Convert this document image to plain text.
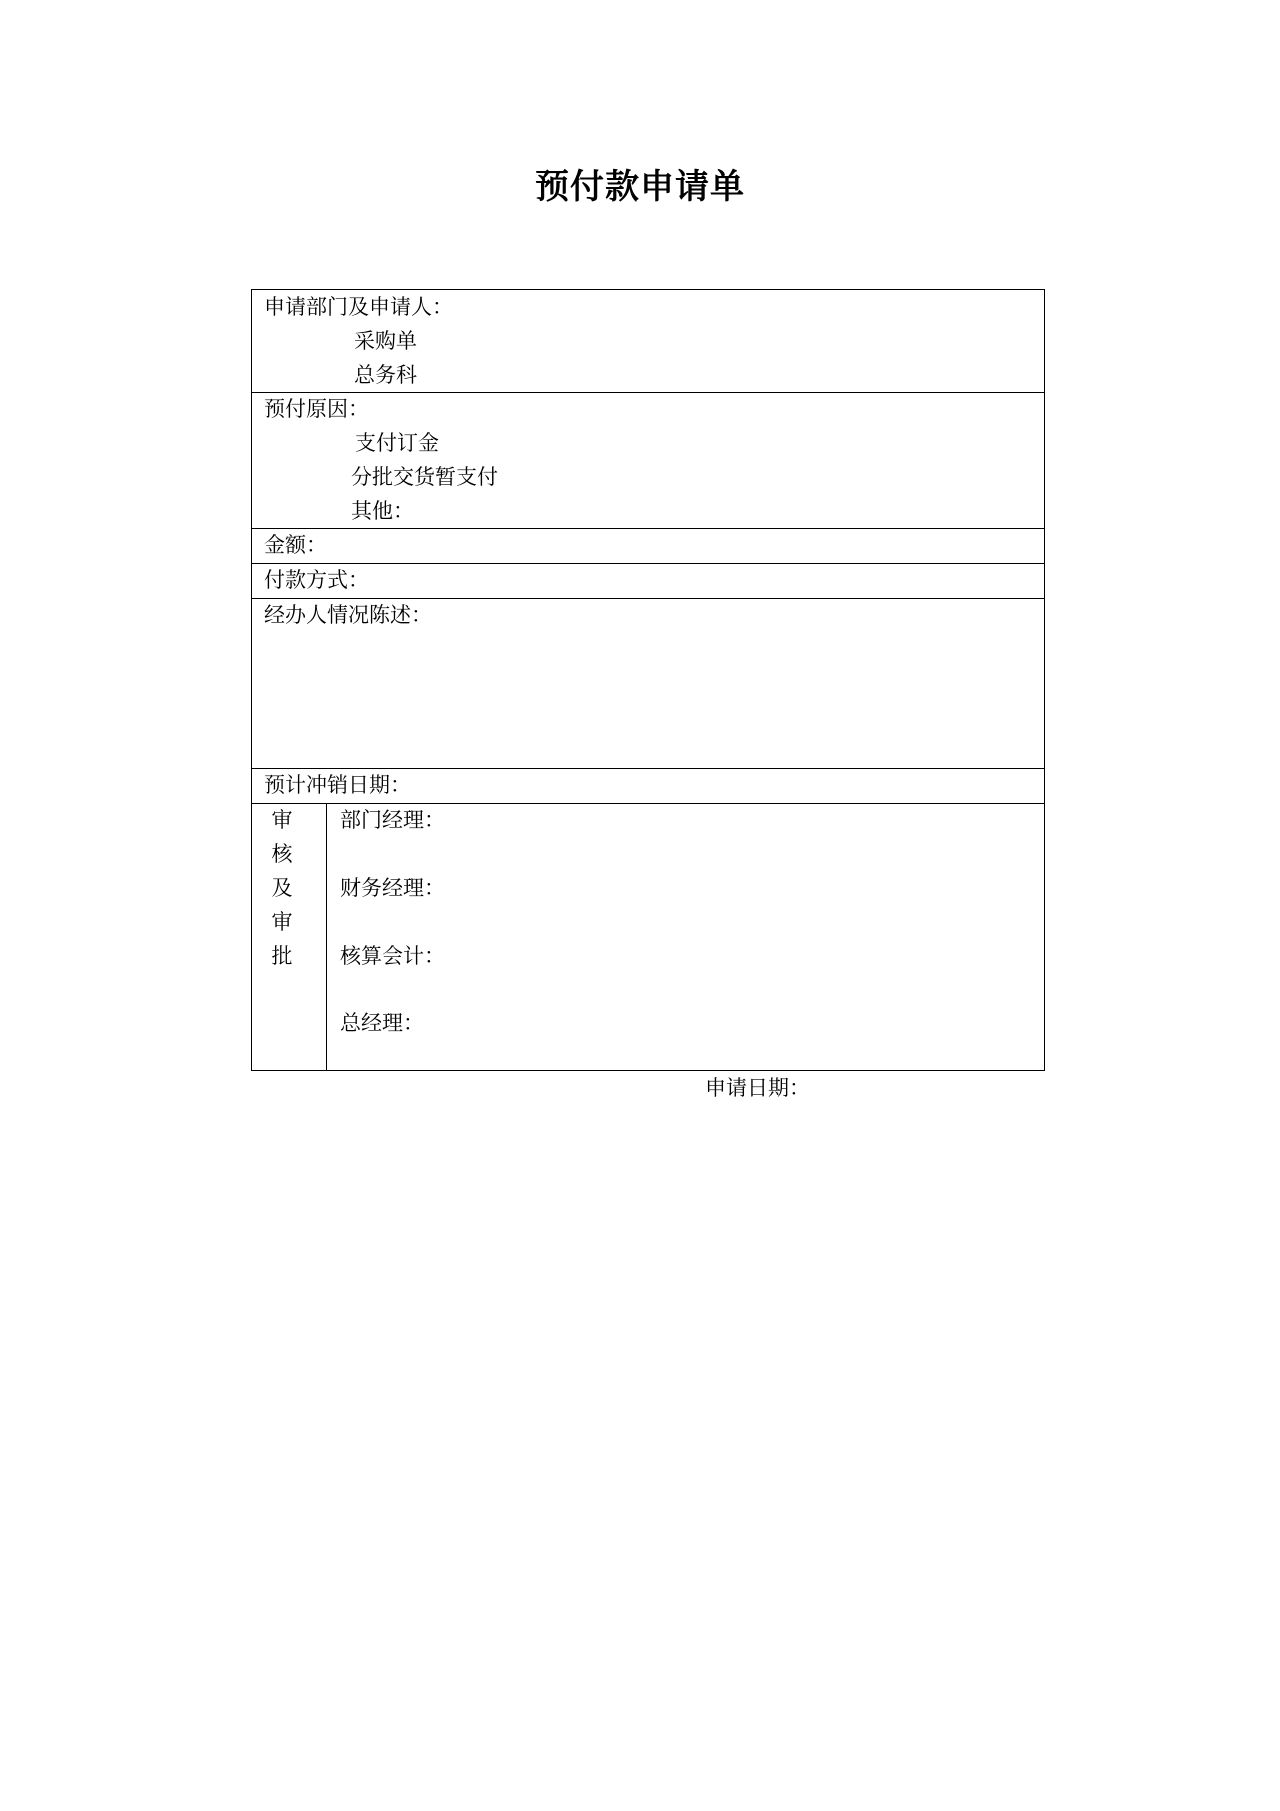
预付款申请单
申请部门及申请人：
采购单
总务科
预付原因：
支付订金
分批交货暂支付
其他：
金额：
付款方式：
经办人情况陈述：
预计冲销日期：
审
核
及
审
批
部门经理：
财务经理：
核算会计：
总经理：
申请日期：
